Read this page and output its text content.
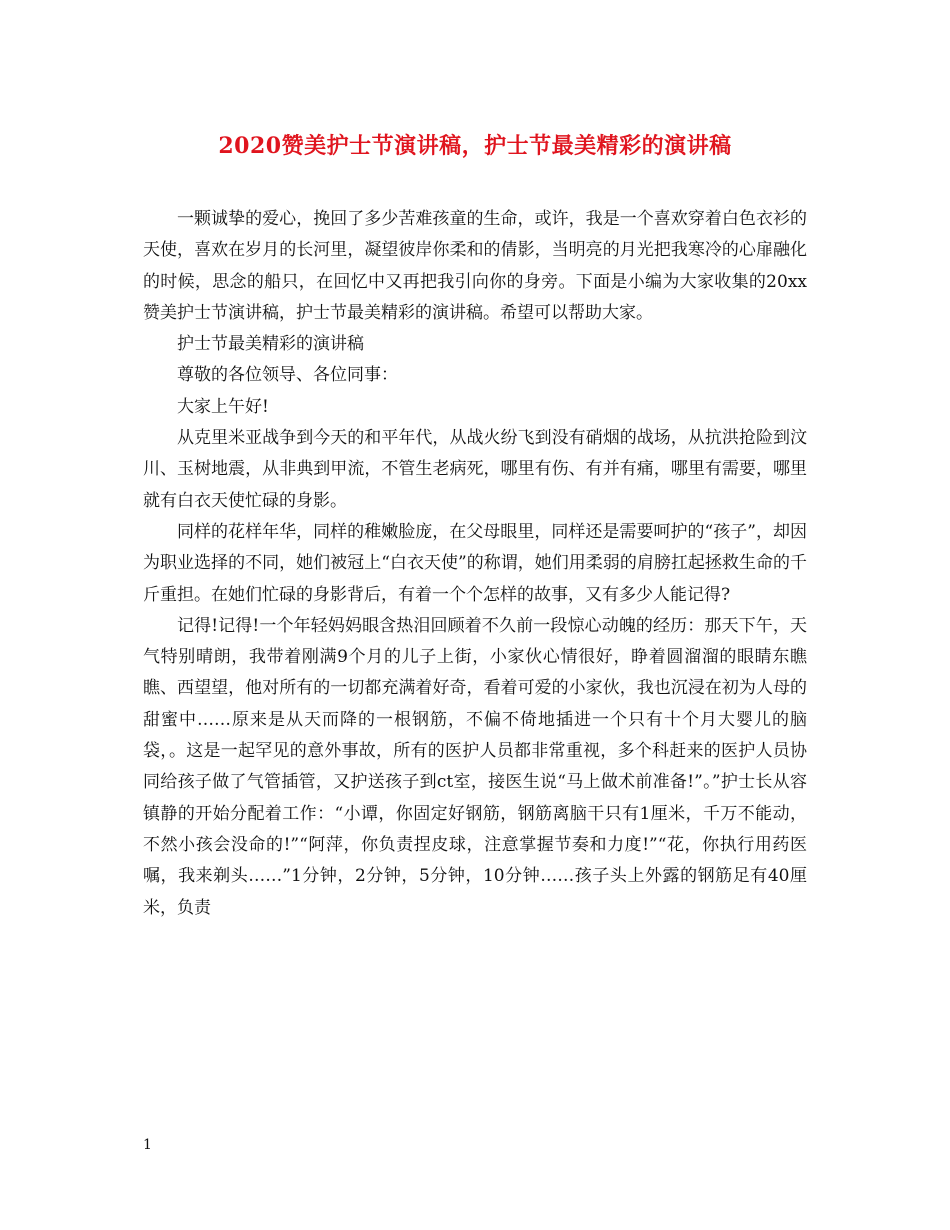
2020赞美护士节演讲稿，护士节最美精彩的演讲稿

一颗诚挚的爱心，挽回了多少苦难孩童的生命，或许，我是一个喜欢穿着白色衣衫的天使，喜欢在岁月的长河里，凝望彼岸你柔和的倩影，当明亮的月光把我寒冷的心扉融化的时候，思念的船只，在回忆中又再把我引向你的身旁。下面是小编为大家收集的20xx赞美护士节演讲稿，护士节最美精彩的演讲稿。希望可以帮助大家。

护士节最美精彩的演讲稿

尊敬的各位领导、各位同事：

大家上午好!

从克里米亚战争到今天的和平年代，从战火纷飞到没有硝烟的战场，从抗洪抢险到汶川、玉树地震，从非典到甲流，不管生老病死，哪里有伤、有并有痛，哪里有需要，哪里就有白衣天使忙碌的身影。

同样的花样年华，同样的稚嫩脸庞，在父母眼里，同样还是需要呵护的“孩子”，却因为职业选择的不同，她们被冠上“白衣天使”的称谓，她们用柔弱的肩膀扛起拯救生命的千斤重担。在她们忙碌的身影背后，有着一个个怎样的故事，又有多少人能记得?

记得!记得!一个年轻妈妈眼含热泪回顾着不久前一段惊心动魄的经历：那天下午，天气特别晴朗，我带着刚满9个月的儿子上街，小家伙心情很好，睁着圆溜溜的眼睛东瞧瞧、西望望，他对所有的一切都充满着好奇，看着可爱的小家伙，我也沉浸在初为人母的甜蜜中……原来是从天而降的一根钢筋，不偏不倚地插进一个只有十个月大婴儿的脑袋，。这是一起罕见的意外事故，所有的医护人员都非常重视，多个科赶来的医护人员协同给孩子做了气管插管，又护送孩子到ct室，接医生说“马上做术前准备!”。”护士长从容镇静的开始分配着工作：“小谭，你固定好钢筋，钢筋离脑干只有1厘米，千万不能动，不然小孩会没命的!”“阿萍，你负责捏皮球，注意掌握节奏和力度!”“花，你执行用药医嘱，我来剃头……”1分钟，2分钟，5分钟，10分钟……孩子头上外露的钢筋足有40厘米，负责

1
